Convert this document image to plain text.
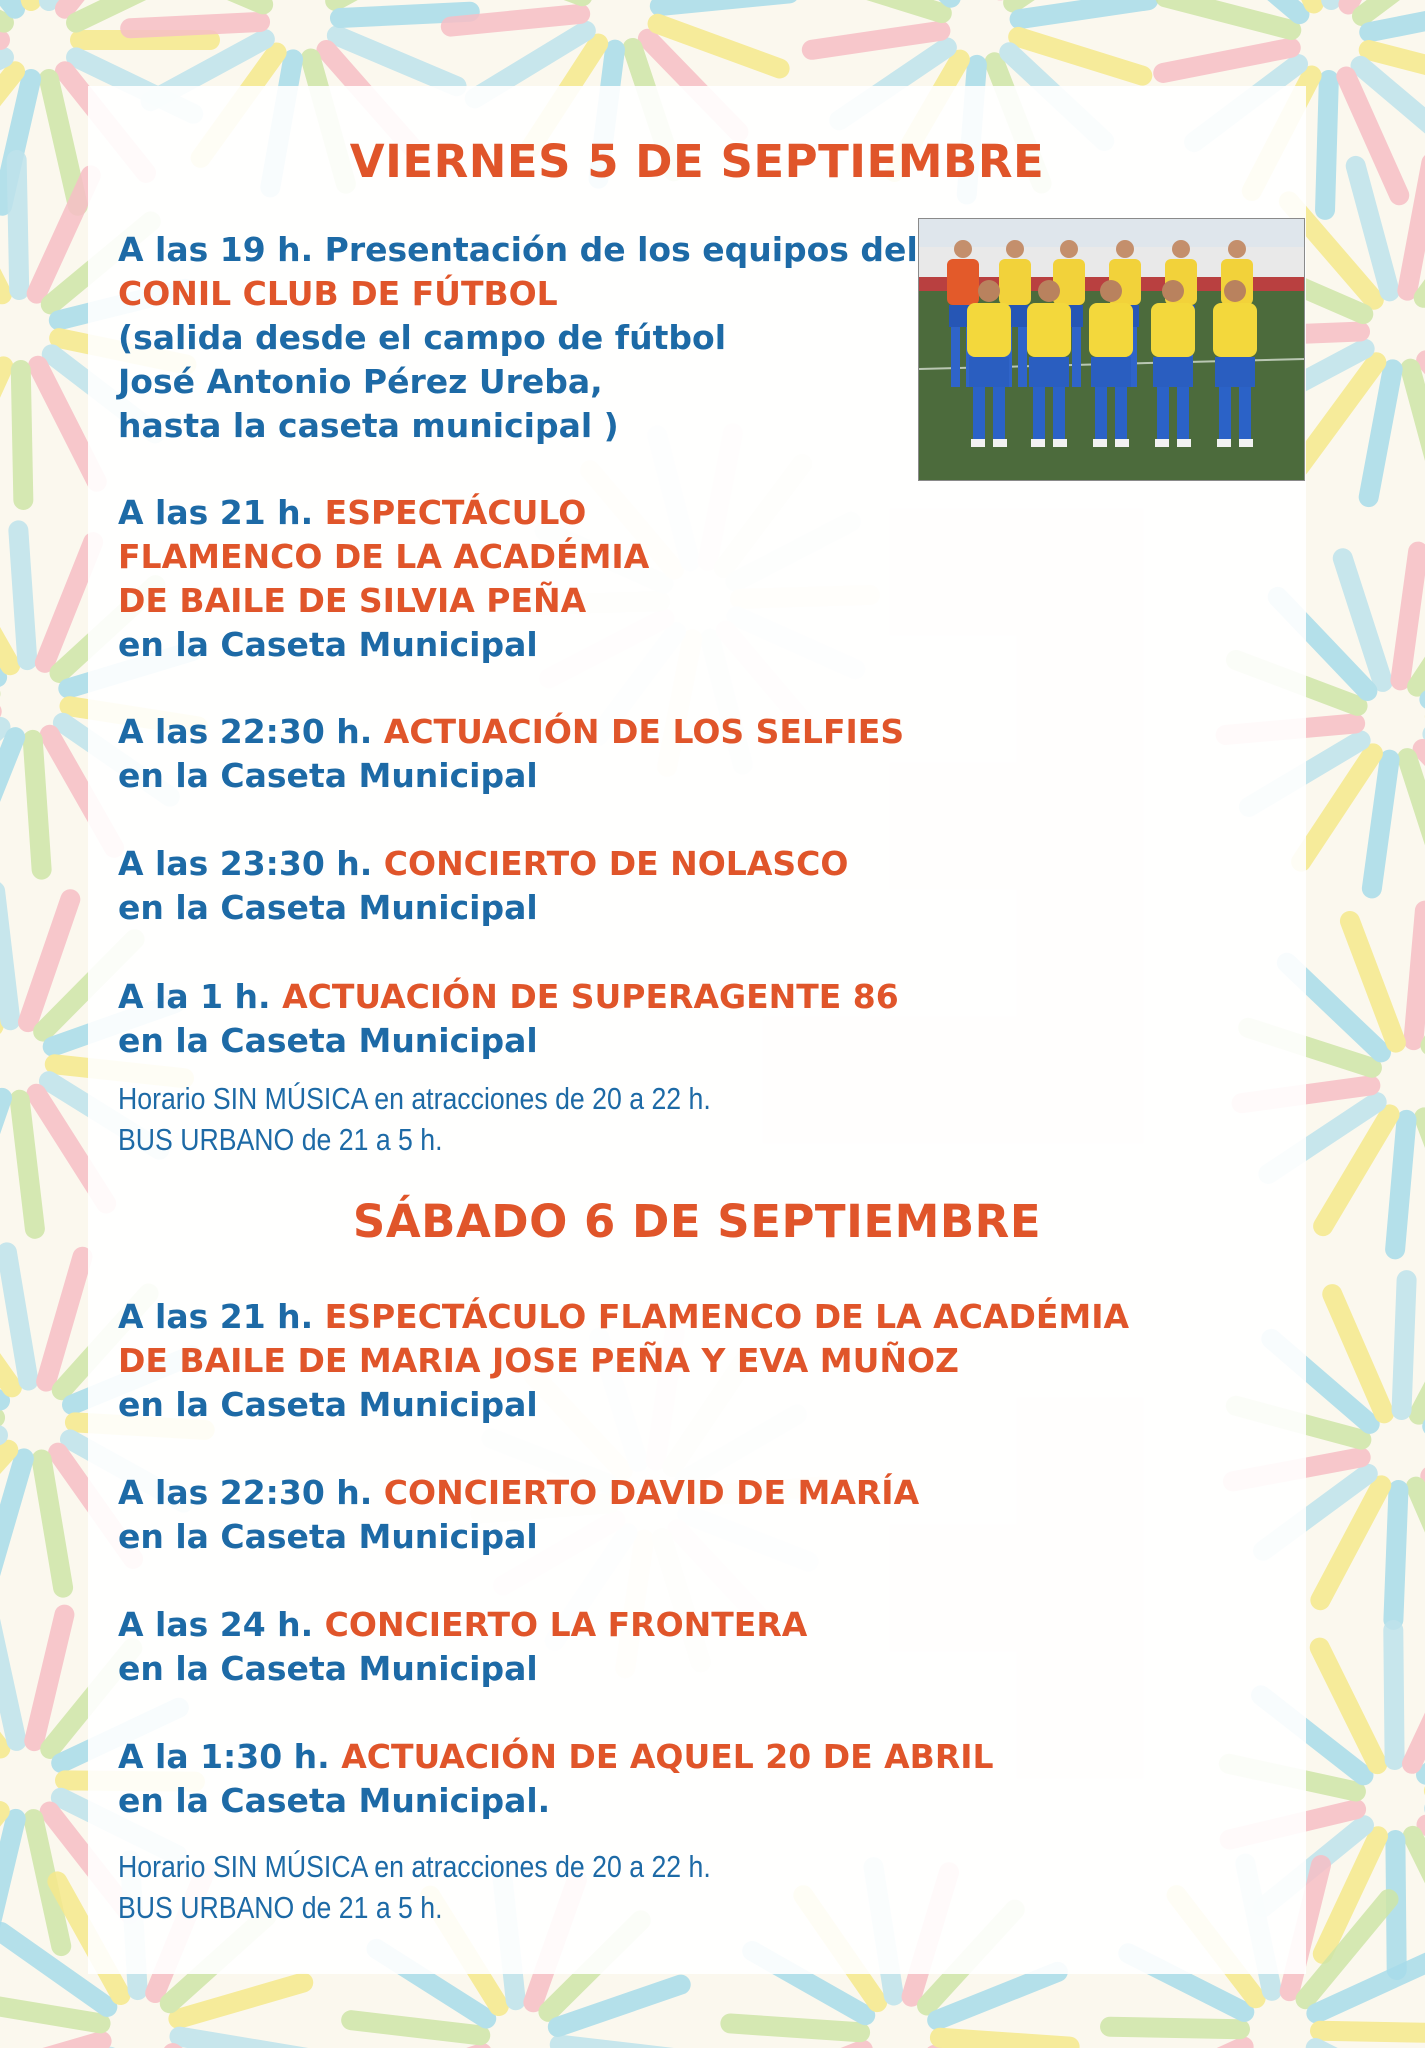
VIERNES 5 DE SEPTIEMBRE

A las 19 h. Presentación de los equipos del

CONIL CLUB DE FÚTBOL

(salida desde el campo de fútbol

José Antonio Pérez Ureba,

hasta la caseta municipal )

A las 21 h. ESPECTÁCULO

FLAMENCO DE LA ACADÉMIA

DE BAILE DE SILVIA PEÑA

en la Caseta Municipal

A las 22:30 h. ACTUACIÓN DE LOS SELFIES

en la Caseta Municipal

A las 23:30 h. CONCIERTO DE NOLASCO

en la Caseta Municipal

A la 1 h. ACTUACIÓN DE SUPERAGENTE 86

en la Caseta Municipal

Horario SIN MÚSICA en atracciones de 20 a 22 h.

BUS URBANO de 21 a 5 h.

SÁBADO 6 DE SEPTIEMBRE

A las 21 h. ESPECTÁCULO FLAMENCO DE LA ACADÉMIA

DE BAILE DE MARIA JOSE PEÑA Y EVA MUÑOZ

en la Caseta Municipal

A las 22:30 h. CONCIERTO DAVID DE MARÍA

en la Caseta Municipal

A las 24 h. CONCIERTO LA FRONTERA

en la Caseta Municipal

A la 1:30 h. ACTUACIÓN DE AQUEL 20 DE ABRIL

en la Caseta Municipal.

Horario SIN MÚSICA en atracciones de 20 a 22 h.

BUS URBANO de 21 a 5 h.
